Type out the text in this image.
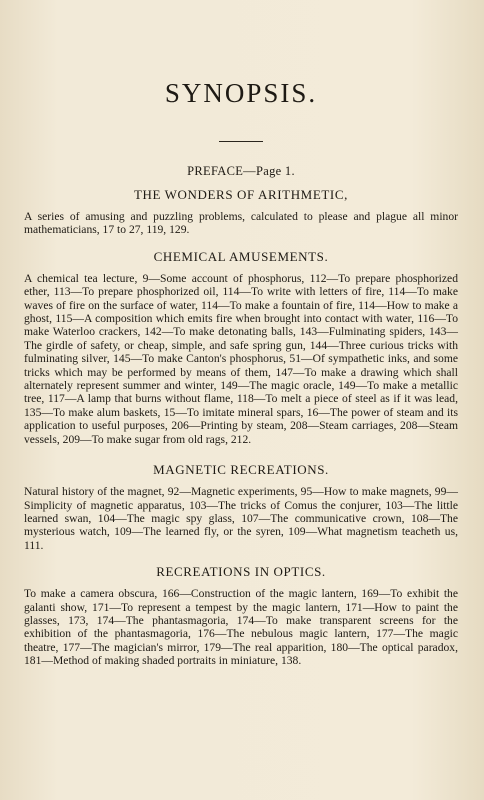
SYNOPSIS.
PREFACE—Page 1.
THE WONDERS OF ARITHMETIC,

A series of amusing and puzzling problems, calculated to please and plague all minor mathematicians, 17 to 27, 119, 129.

CHEMICAL AMUSEMENTS.

A chemical tea lecture, 9—Some account of phosphorus, 112—To prepare phosphorized ether, 113—To prepare phosphorized oil, 114—To write with letters of fire, 114—To make waves of fire on the surface of water, 114—To make a fountain of fire, 114—How to make a ghost, 115—A composition which emits fire when brought into contact with water, 116—To make Waterloo crackers, 142—To make detonating balls, 143—Fulminating spiders, 143—The girdle of safety, or cheap, simple, and safe spring gun, 144—Three curious tricks with fulminating silver, 145—To make Canton's phosphorus, 51—Of sympathetic inks, and some tricks which may be performed by means of them, 147—To make a drawing which shall alternately represent summer and winter, 149—The magic oracle, 149—To make a metallic tree, 117—A lamp that burns without flame, 118—To melt a piece of steel as if it was lead, 135—To make alum baskets, 15—To imitate mineral spars, 16—The power of steam and its application to useful purposes, 206—Printing by steam, 208—Steam carriages, 208—Steam vessels, 209—To make sugar from old rags, 212.

MAGNETIC RECREATIONS.

Natural history of the magnet, 92—Magnetic experiments, 95—How to make magnets, 99—Simplicity of magnetic apparatus, 103—The tricks of Comus the conjurer, 103—The little learned swan, 104—The magic spy glass, 107—The communicative crown, 108—The mysterious watch, 109—The learned fly, or the syren, 109—What magnetism teacheth us, 111.

RECREATIONS IN OPTICS.

To make a camera obscura, 166—Construction of the magic lantern, 169—To exhibit the galanti show, 171—To represent a tempest by the magic lantern, 171—How to paint the glasses, 173, 174—The phantasmagoria, 174—To make transparent screens for the exhibition of the phantasmagoria, 176—The nebulous magic lantern, 177—The magic theatre, 177—The magician's mirror, 179—The real apparition, 180—The optical paradox, 181—Method of making shaded portraits in miniature, 138.
